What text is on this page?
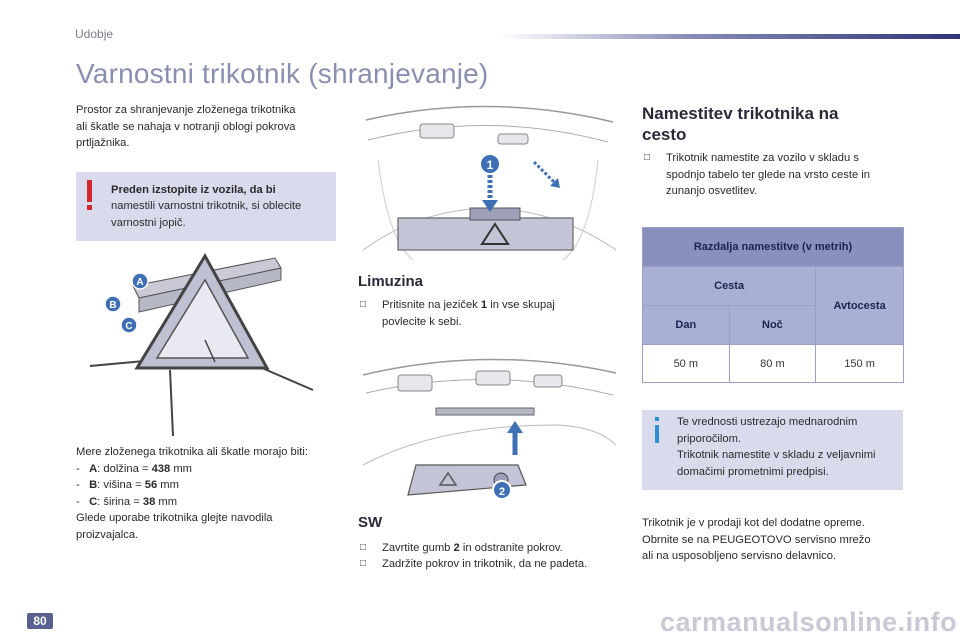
Udobje
Varnostni trikotnik (shranjevanje)
Prostor za shranjevanje zloženega trikotnika
ali škatle se nahaja v notranji oblogi pokrova
prtljažnika.
Preden izstopite iz vozila, da bi
namestili varnostni trikotnik, si oblecite
varnostni jopič.
A
B
C
Mere zloženega trikotnika ali škatle morajo biti:
- A: dolžina = 438 mm
- B: višina = 56 mm
- C: širina = 38 mm
Glede uporabe trikotnika glejte navodila
proizvajalca.
1
Limuzina
□ Pritisnite na jeziček 1 in vse skupaj
povlecite k sebi.
2
SW
□ Zavrtite gumb 2 in odstranite pokrov.
□ Zadržite pokrov in trikotnik, da ne padeta.
Namestitev trikotnika na
cesto
□ Trikotnik namestite za vozilo v skladu s
spodnjo tabelo ter glede na vrsto ceste in
zunanjo osvetlitev.
Razdalja namestitve (v metrih)		
Cesta		Avtocesta
Dan	Noč	
50 m	80 m	150 m
Te vrednosti ustrezajo mednarodnim
priporočilom.
Trikotnik namestite v skladu z veljavnimi
domačimi prometnimi predpisi.
Trikotnik je v prodaji kot del dodatne opreme.
Obrnite se na PEUGEOTOVO servisno mrežo
ali na usposobljeno servisno delavnico.
80	carmanualsonline.info
